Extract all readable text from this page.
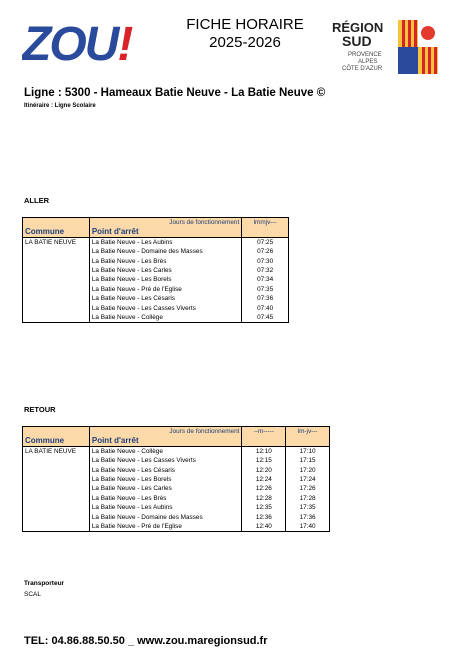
ZOU!	FICHE HORAIRE
2025-2026
RÉGION
SUD
PROVENCE
ALPES
CÔTE D'AZUR
Ligne : 5300 - Hameaux Batie Neuve - La Batie Neuve ©
Itinéraire : Ligne Scolaire
ALLER
	Jours de fonctionnement	lmmjv---
Commune	Point d'arrêt	
LA BATIE NEUVE	La Batie Neuve - Les Aubins	07:25
	La Batie Neuve - Domaine des Masses	07:26
	La Batie Neuve - Les Brès	07:30
	La Batie Neuve - Les Carles	07:32
	La Batie Neuve - Les Borels	07:34
	La Batie Neuve - Pré de l'Eglise	07:35
	La Batie Neuve - Les Césaris	07:36
	La Batie Neuve - Les Casses Viverts	07:40
	La Batie Neuve - Collège	07:45
RETOUR
	Jours de fonctionnement	--m-----	lm-jv---
Commune	Point d'arrêt		
LA BATIE NEUVE	La Batie Neuve - Collège	12:10	17:10
	La Batie Neuve - Les Casses Viverts	12:15	17:15
	La Batie Neuve - Les Césaris	12:20	17:20
	La Batie Neuve - Les Borels	12:24	17:24
	La Batie Neuve - Les Carles	12:26	17:26
	La Batie Neuve - Les Brès	12:28	17:28
	La Batie Neuve - Les Aubins	12:35	17:35
	La Batie Neuve - Domaine des Masses	12:36	17:36
	La Batie Neuve - Pré de l'Eglise	12:40	17:40
Transporteur
SCAL
TEL: 04.86.88.50.50 _ www.zou.maregionsud.fr
